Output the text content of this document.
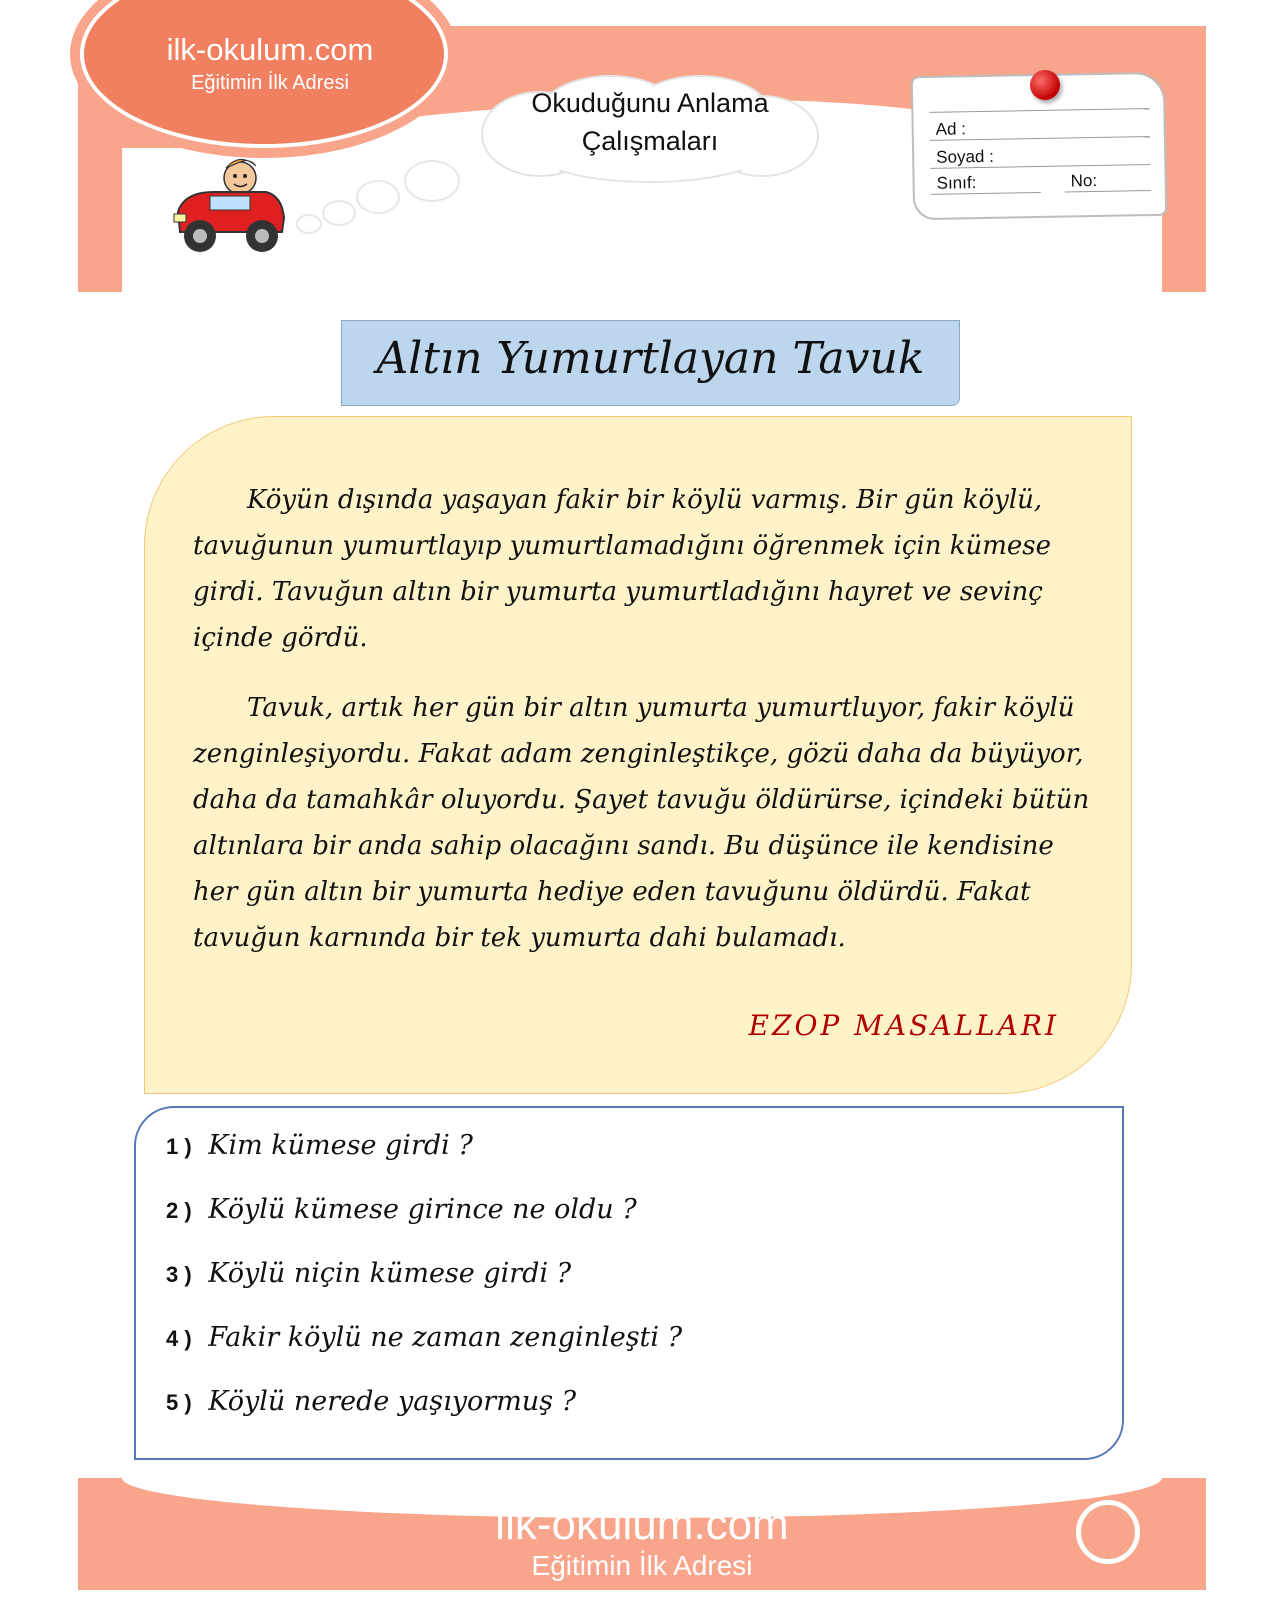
ilk-okulum.com
Eğitimin İlk Adresi
Okuduğunu Anlama
Çalışmaları	Ad :
Soyad :
Sınıf:	No:
Altın Yumurtlayan Tavuk

Köyün dışında yaşayan fakir bir köylü varmış. Bir gün köylü, tavuğunun yumurtlayıp yumurtlamadığını öğrenmek için kümese girdi. Tavuğun altın bir yumurta yumurtladığını hayret ve sevinç içinde gördü.

Tavuk, artık her gün bir altın yumurta yumurtluyor, fakir köylü zenginleşiyordu. Fakat adam zenginleştikçe, gözü daha da büyüyor, daha da tamahkâr oluyordu. Şayet tavuğu öldürürse, içindeki bütün altınlara bir anda sahip olacağını sandı. Bu düşünce ile kendisine her gün altın bir yumurta hediye eden tavuğunu öldürdü. Fakat tavuğun karnında bir tek yumurta dahi bulamadı.

EZOP MASALLARI
1 ) Kim kümese girdi ?
2 ) Köylü kümese girince ne oldu ?
3 ) Köylü niçin kümese girdi ?
4 ) Fakir köylü ne zaman zenginleşti ?
5 ) Köylü nerede yaşıyormuş ?
ilk-okulum.com
Eğitimin İlk Adresi
